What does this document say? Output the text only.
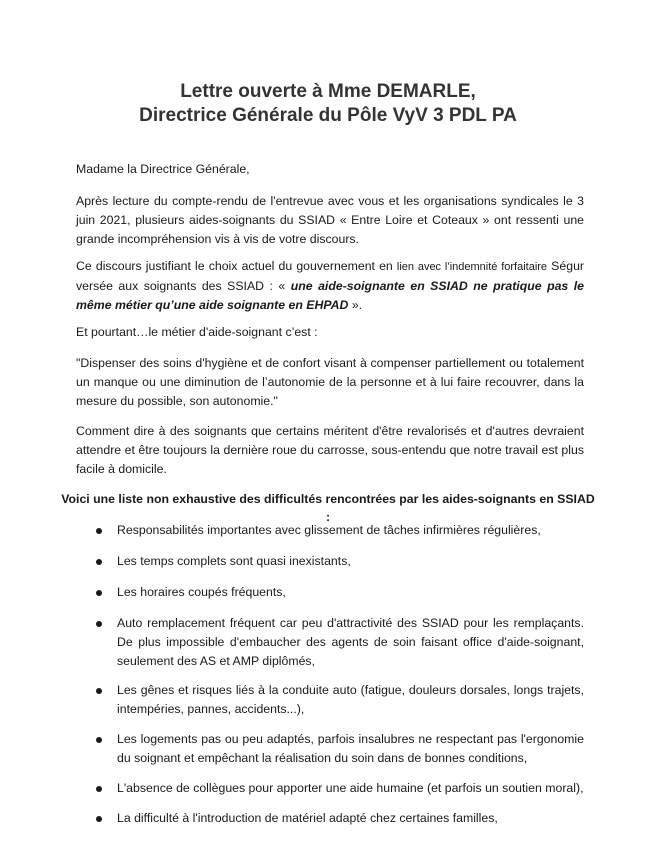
Lettre ouverte à Mme DEMARLE,
Directrice Générale du Pôle VyV 3 PDL PA
Madame la Directrice Générale,
Après lecture du compte-rendu de l'entrevue avec vous et les organisations syndicales le 3 juin 2021, plusieurs aides-soignants du SSIAD « Entre Loire et Coteaux » ont ressenti une grande incompréhension vis à vis de votre discours.
Ce discours justifiant le choix actuel du gouvernement en lien avec l’indemnité forfaitaire Ségur versée aux soignants des SSIAD : « une aide-soignante en SSIAD ne pratique pas le même métier qu’une aide soignante en EHPAD ».
Et pourtant…le métier d'aide-soignant c’est :
"Dispenser des soins d'hygiène et de confort visant à compenser partiellement ou totalement un manque ou une diminution de l’autonomie de la personne et à lui faire recouvrer, dans la mesure du possible, son autonomie."
Comment dire à des soignants que certains méritent d'être revalorisés et d'autres devraient attendre et être toujours la dernière roue du carrosse, sous-entendu que notre travail est plus facile à domicile.
Voici une liste non exhaustive des difficultés rencontrées par les aides-soignants en SSIAD :
Responsabilités importantes avec glissement de tâches infirmières régulières,
Les temps complets sont quasi inexistants,
Les horaires coupés fréquents,
Auto remplacement fréquent car peu d'attractivité des SSIAD pour les remplaçants. De plus impossible d'embaucher des agents de soin faisant office d'aide-soignant, seulement des AS et AMP diplômés,
Les gênes et risques liés à la conduite auto (fatigue, douleurs dorsales, longs trajets, intempéries, pannes, accidents...),
Les logements pas ou peu adaptés, parfois insalubres ne respectant pas l'ergonomie du soignant et empêchant la réalisation du soin dans de bonnes conditions,
L'absence de collègues pour apporter une aide humaine (et parfois un soutien moral),
La difficulté à l'introduction de matériel adapté chez certaines familles,
